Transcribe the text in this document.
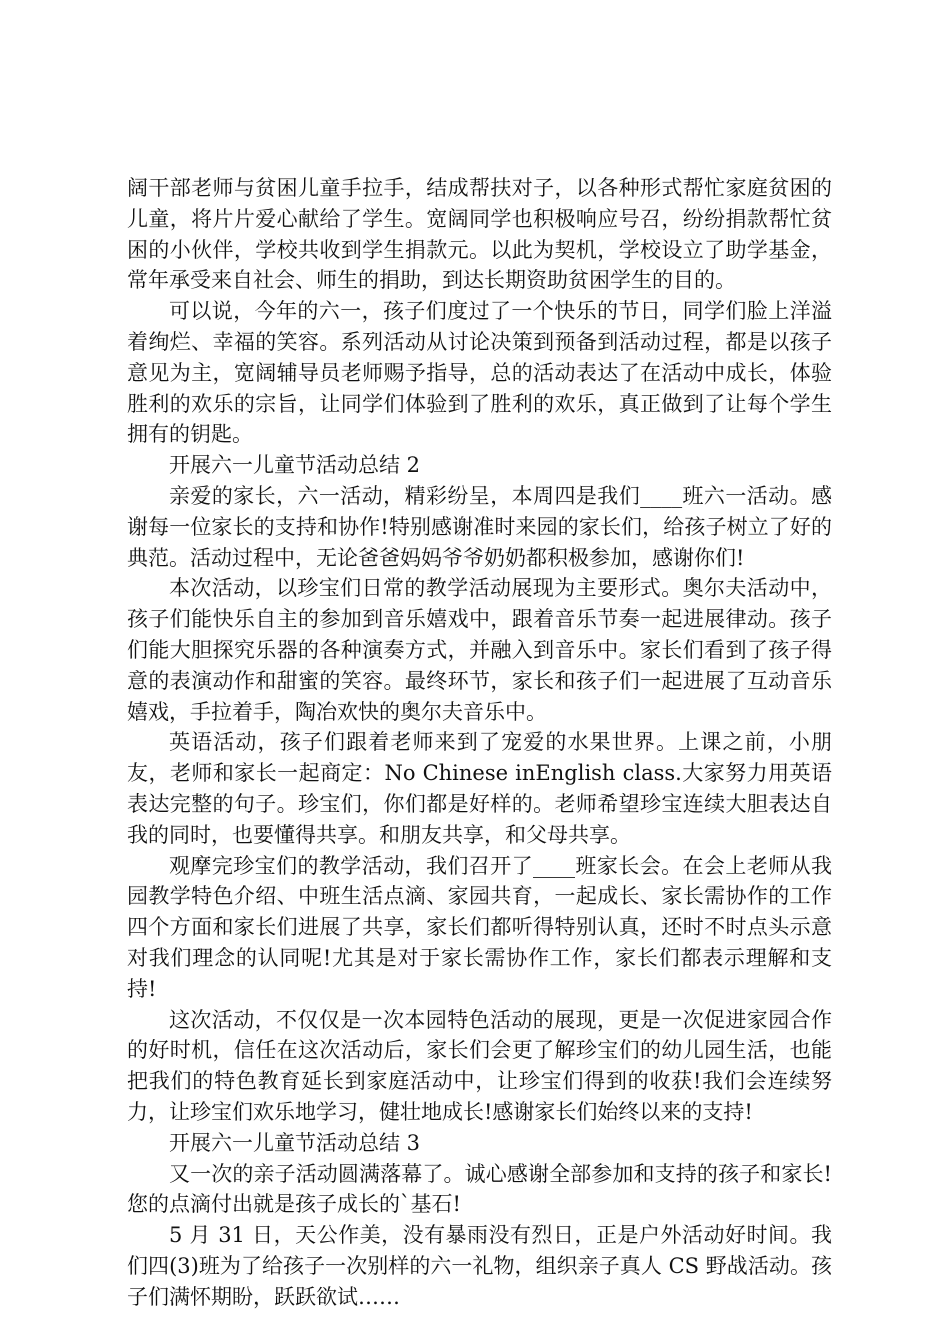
阔干部老师与贫困儿童手拉手，结成帮扶对子，以各种形式帮忙家庭贫困的儿童，将片片爱心献给了学生。宽阔同学也积极响应号召，纷纷捐款帮忙贫困的小伙伴，学校共收到学生捐款元。以此为契机，学校设立了助学基金，常年承受来自社会、师生的捐助，到达长期资助贫困学生的目的。

可以说，今年的六一，孩子们度过了一个快乐的节日，同学们脸上洋溢着绚烂、幸福的笑容。系列活动从讨论决策到预备到活动过程，都是以孩子意见为主，宽阔辅导员老师赐予指导，总的活动表达了在活动中成长，体验胜利的欢乐的宗旨，让同学们体验到了胜利的欢乐，真正做到了让每个学生拥有的钥匙。

开展六一儿童节活动总结 2

亲爱的家长，六一活动，精彩纷呈，本周四是我们____班六一活动。感谢每一位家长的支持和协作!特别感谢准时来园的家长们，给孩子树立了好的典范。活动过程中，无论爸爸妈妈爷爷奶奶都积极参加，感谢你们!

本次活动，以珍宝们日常的教学活动展现为主要形式。奥尔夫活动中，孩子们能快乐自主的参加到音乐嬉戏中，跟着音乐节奏一起进展律动。孩子们能大胆探究乐器的各种演奏方式，并融入到音乐中。家长们看到了孩子得意的表演动作和甜蜜的笑容。最终环节，家长和孩子们一起进展了互动音乐嬉戏，手拉着手，陶冶欢快的奥尔夫音乐中。

英语活动，孩子们跟着老师来到了宠爱的水果世界。上课之前，小朋友，老师和家长一起商定：No Chinese inEnglish class.大家努力用英语表达完整的句子。珍宝们，你们都是好样的。老师希望珍宝连续大胆表达自我的同时，也要懂得共享。和朋友共享，和父母共享。

观摩完珍宝们的教学活动，我们召开了____班家长会。在会上老师从我园教学特色介绍、中班生活点滴、家园共育，一起成长、家长需协作的工作四个方面和家长们进展了共享，家长们都听得特别认真，还时不时点头示意对我们理念的认同呢!尤其是对于家长需协作工作，家长们都表示理解和支持!

这次活动，不仅仅是一次本园特色活动的展现，更是一次促进家园合作的好时机，信任在这次活动后，家长们会更了解珍宝们的幼儿园生活，也能把我们的特色教育延长到家庭活动中，让珍宝们得到的收获!我们会连续努力，让珍宝们欢乐地学习，健壮地成长!感谢家长们始终以来的支持!

开展六一儿童节活动总结 3

又一次的亲子活动圆满落幕了。诚心感谢全部参加和支持的孩子和家长!您的点滴付出就是孩子成长的`基石!

5 月 31 日，天公作美，没有暴雨没有烈日，正是户外活动好时间。我们四(3)班为了给孩子一次别样的六一礼物，组织亲子真人 CS 野战活动。孩子们满怀期盼，跃跃欲试……
